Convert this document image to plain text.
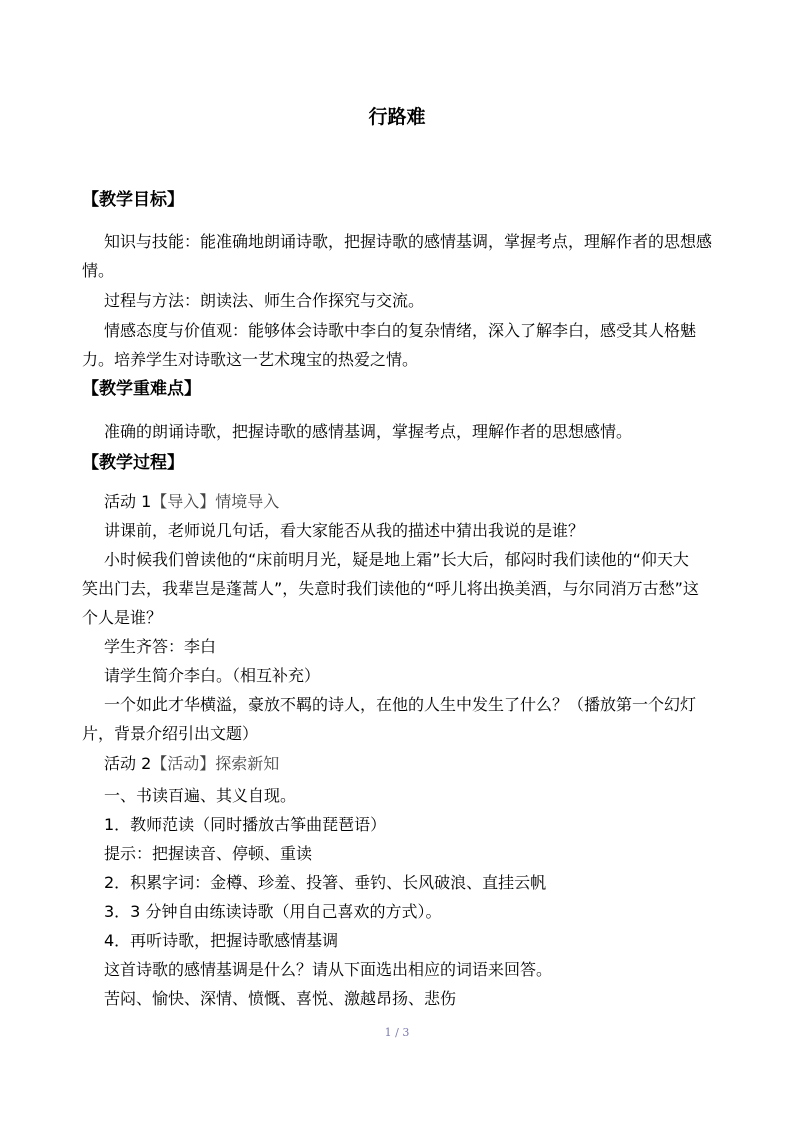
行路难
【教学目标】
知识与技能：能准确地朗诵诗歌，把握诗歌的感情基调，掌握考点，理解作者的思想感
情。
过程与方法：朗读法、师生合作探究与交流。
情感态度与价值观：能够体会诗歌中李白的复杂情绪，深入了解李白，感受其人格魅
力。培养学生对诗歌这一艺术瑰宝的热爱之情。
【教学重难点】
准确的朗诵诗歌，把握诗歌的感情基调，掌握考点，理解作者的思想感情。
【教学过程】
活动 1【导入】情境导入
讲课前，老师说几句话，看大家能否从我的描述中猜出我说的是谁？
小时候我们曾读他的“床前明月光，疑是地上霜”长大后，郁闷时我们读他的“仰天大
笑出门去，我辈岂是蓬蒿人”，失意时我们读他的“呼儿将出换美酒，与尔同消万古愁”这
个人是谁？
学生齐答：李白
请学生简介李白。（相互补充）
一个如此才华横溢，豪放不羁的诗人，在他的人生中发生了什么？（播放第一个幻灯
片，背景介绍引出文题）
活动 2【活动】探索新知
一、书读百遍、其义自现。
1．教师范读（同时播放古筝曲琵琶语）
提示：把握读音、停顿、重读
2．积累字词：金樽、珍羞、投箸、垂钓、长风破浪、直挂云帆
3．3 分钟自由练读诗歌（用自己喜欢的方式）。
4．再听诗歌，把握诗歌感情基调
这首诗歌的感情基调是什么？请从下面选出相应的词语来回答。
苦闷、愉快、深情、愤慨、喜悦、激越昂扬、悲伤
1 / 3
